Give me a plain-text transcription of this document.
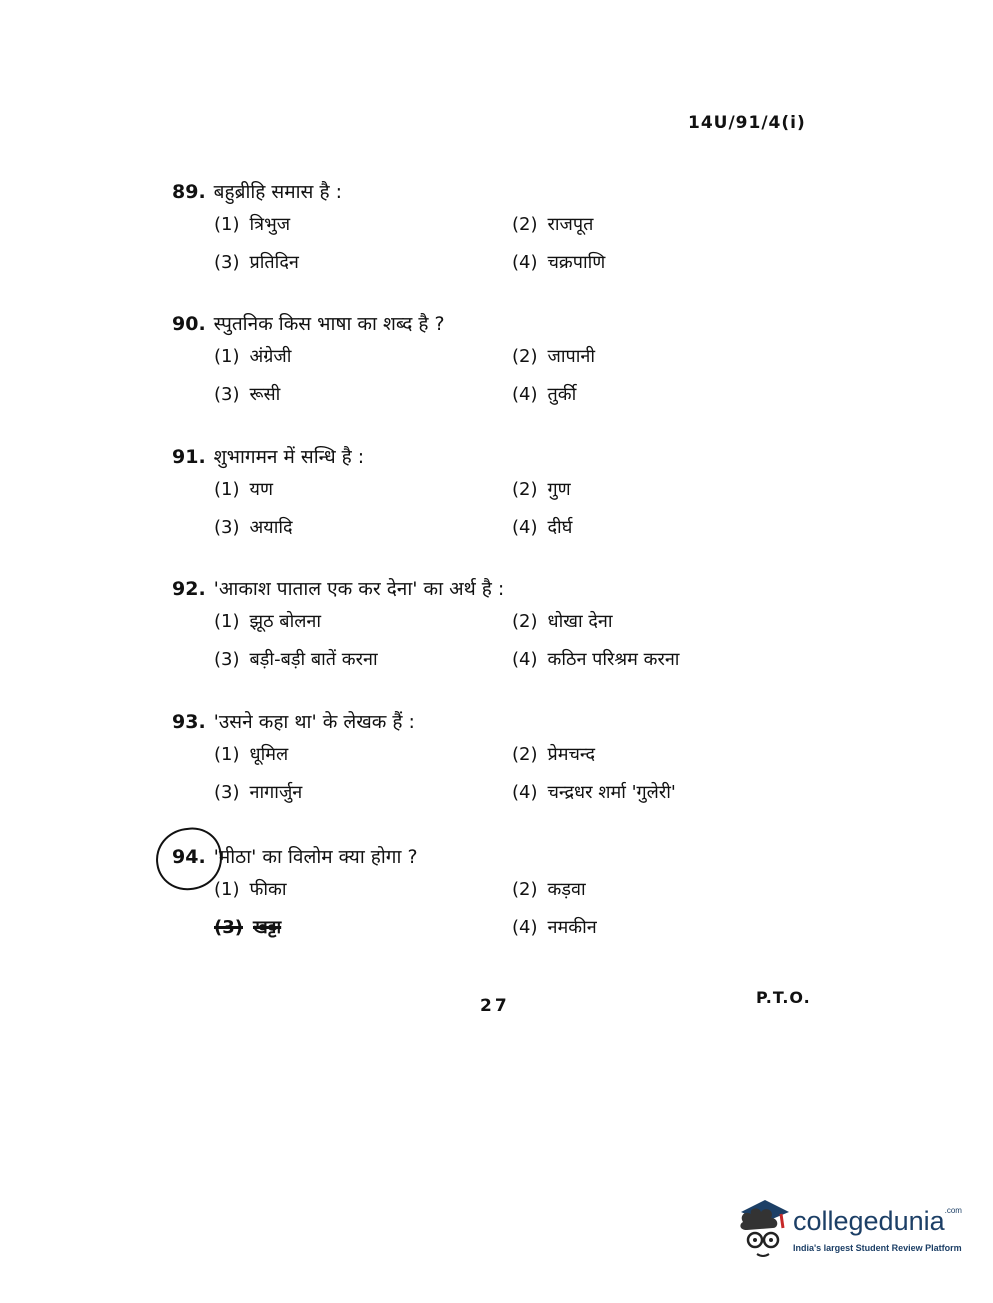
14U/91/4(i)
89. बहुब्रीहि समास है :
(1) त्रिभुज	(2) राजपूत
(3) प्रतिदिन	(4) चक्रपाणि
90. स्पुतनिक किस भाषा का शब्द है ?
(1) अंग्रेजी	(2) जापानी
(3) रूसी	(4) तुर्की
91. शुभागमन में सन्धि है :
(1) यण	(2) गुण
(3) अयादि	(4) दीर्घ
92. 'आकाश पाताल एक कर देना' का अर्थ है :
(1) झूठ बोलना	(2) धोखा देना
(3) बड़ी-बड़ी बातें करना	(4) कठिन परिश्रम करना
93. 'उसने कहा था' के लेखक हैं :
(1) धूमिल	(2) प्रेमचन्द
(3) नागार्जुन	(4) चन्द्रधर शर्मा 'गुलेरी'
94. 'मीठा' का विलोम क्या होगा ?
(1) फीका	(2) कड़वा
(3) खट्टा	(4) नमकीन
27	P.T.O.
collegedunia$^{.com}$
India's largest Student Review Platform
